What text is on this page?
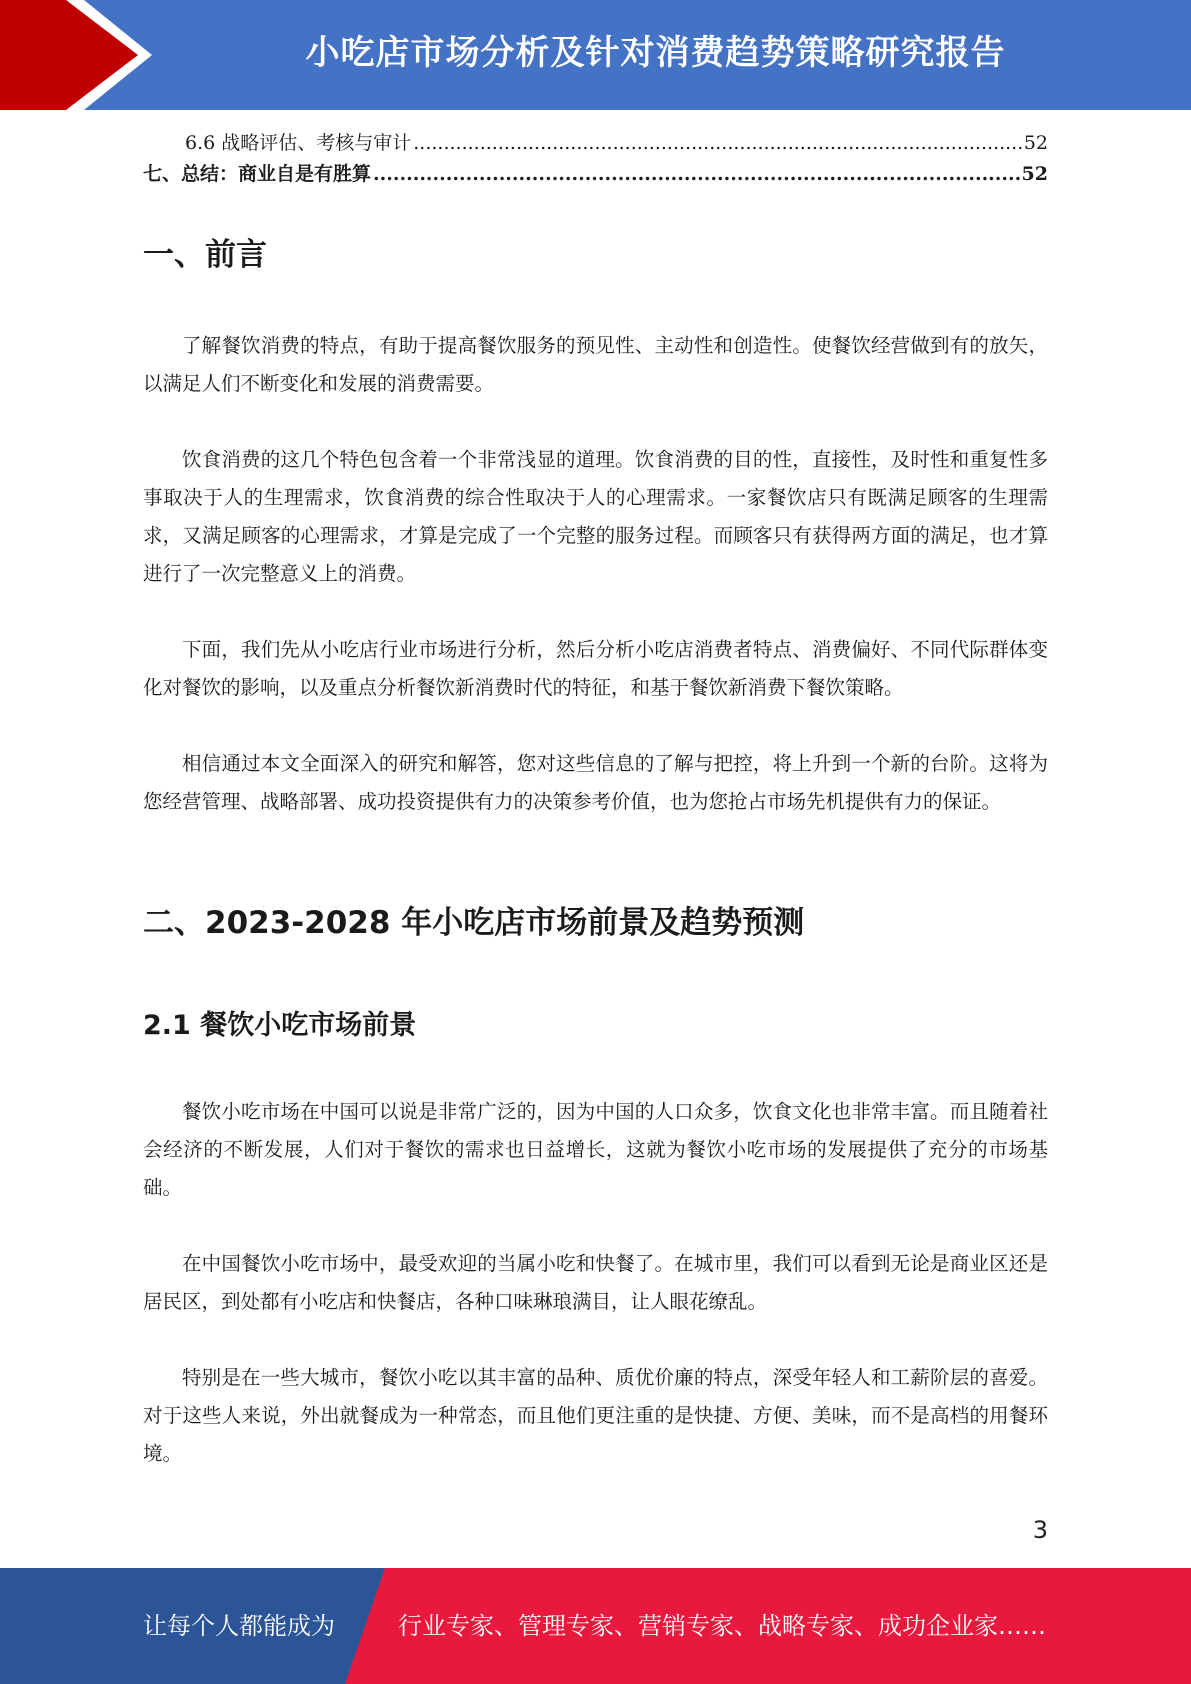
小吃店市场分析及针对消费趋势策略研究报告
6.6 战略评估、考核与审计 .....	52
七、总结：商业自是有胜算 .....	52
一、前言

了解餐饮消费的特点，有助于提高餐饮服务的预见性、主动性和创造性。使餐饮经营做到有的放矢，以满足人们不断变化和发展的消费需要。

饮食消费的这几个特色包含着一个非常浅显的道理。饮食消费的目的性，直接性，及时性和重复性多事取决于人的生理需求，饮食消费的综合性取决于人的心理需求。一家餐饮店只有既满足顾客的生理需求，又满足顾客的心理需求，才算是完成了一个完整的服务过程。而顾客只有获得两方面的满足，也才算进行了一次完整意义上的消费。

下面，我们先从小吃店行业市场进行分析，然后分析小吃店消费者特点、消费偏好、不同代际群体变化对餐饮的影响，以及重点分析餐饮新消费时代的特征，和基于餐饮新消费下餐饮策略。

相信通过本文全面深入的研究和解答，您对这些信息的了解与把控，将上升到一个新的台阶。这将为您经营管理、战略部署、成功投资提供有力的决策参考价值，也为您抢占市场先机提供有力的保证。

二、2023-2028 年小吃店市场前景及趋势预测
2.1 餐饮小吃市场前景

餐饮小吃市场在中国可以说是非常广泛的，因为中国的人口众多，饮食文化也非常丰富。而且随着社会经济的不断发展，人们对于餐饮的需求也日益增长，这就为餐饮小吃市场的发展提供了充分的市场基础。

在中国餐饮小吃市场中，最受欢迎的当属小吃和快餐了。在城市里，我们可以看到无论是商业区还是居民区，到处都有小吃店和快餐店，各种口味琳琅满目，让人眼花缭乱。

特别是在一些大城市，餐饮小吃以其丰富的品种、质优价廉的特点，深受年轻人和工薪阶层的喜爱。对于这些人来说，外出就餐成为一种常态，而且他们更注重的是快捷、方便、美味，而不是高档的用餐环境。

3
让每个人都能成为	行业专家、管理专家、营销专家、战略专家、成功企业家……
